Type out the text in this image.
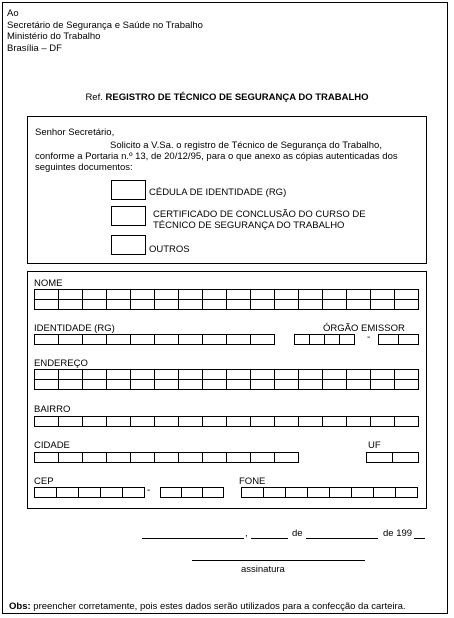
Ao
Secretário de Segurança e Saúde no Trabalho
Ministério do Trabalho
Brasília – DF
Ref. REGISTRO DE TÉCNICO DE SEGURANÇA DO TRABALHO
Senhor Secretário,
Solicito a V.Sa. o registro de Técnico de Segurança do Trabalho,
conforme a Portaria n.º 13, de 20/12/95, para o que anexo as cópias autenticadas dos
seguintes documentos:
CÉDULA DE IDENTIDADE (RG)
CERTIFICADO DE CONCLUSÃO DO CURSO DE
TÉCNICO DE SEGURANÇA DO TRABALHO
OUTROS
NOME
IDENTIDADE (RG)	ÓRGÃO EMISSOR
-
ENDEREÇO
BAIRRO
CIDADE	UF
CEP	FONE
-
,	de	de 199
assinatura
Obs: preencher corretamente, pois estes dados serão utilizados para a confecção da carteira.
